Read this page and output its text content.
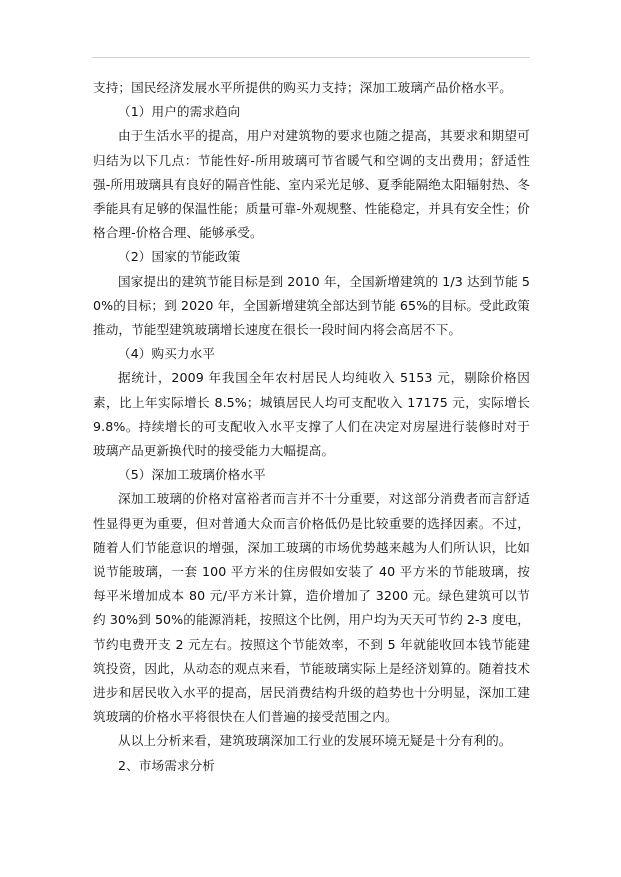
支持；国民经济发展水平所提供的购买力支持；深加工玻璃产品价格水平。

（1）用户的需求趋向

由于生活水平的提高，用户对建筑物的要求也随之提高，其要求和期望可归结为以下几点：节能性好-所用玻璃可节省暖气和空调的支出费用；舒适性强-所用玻璃具有良好的隔音性能、室内采光足够、夏季能隔绝太阳辐射热、冬季能具有足够的保温性能；质量可靠-外观规整、性能稳定，并具有安全性；价格合理-价格合理、能够承受。

（2）国家的节能政策

国家提出的建筑节能目标是到 2010 年，全国新增建筑的 1/3 达到节能 50%的目标；到 2020 年，全国新增建筑全部达到节能 65%的目标。受此政策推动，节能型建筑玻璃增长速度在很长一段时间内将会高居不下。

（4）购买力水平

据统计，2009 年我国全年农村居民人均纯收入 5153 元，剔除价格因素，比上年实际增长 8.5%；城镇居民人均可支配收入 17175 元，实际增长 9.8%。持续增长的可支配收入水平支撑了人们在决定对房屋进行装修时对于玻璃产品更新换代时的接受能力大幅提高。

（5）深加工玻璃价格水平

深加工玻璃的价格对富裕者而言并不十分重要，对这部分消费者而言舒适性显得更为重要，但对普通大众而言价格低仍是比较重要的选择因素。不过，随着人们节能意识的增强，深加工玻璃的市场优势越来越为人们所认识，比如说节能玻璃，一套 100 平方米的住房假如安装了 40 平方米的节能玻璃，按每平米增加成本 80 元/平方米计算，造价增加了 3200 元。绿色建筑可以节约 30%到 50%的能源消耗，按照这个比例，用户均为天天可节约 2-3 度电，节约电费开支 2 元左右。按照这个节能效率，不到 5 年就能收回本钱节能建筑投资，因此，从动态的观点来看，节能玻璃实际上是经济划算的。随着技术进步和居民收入水平的提高，居民消费结构升级的趋势也十分明显，深加工建筑玻璃的价格水平将很快在人们普遍的接受范围之内。

从以上分析来看，建筑玻璃深加工行业的发展环境无疑是十分有利的。

2、市场需求分析
